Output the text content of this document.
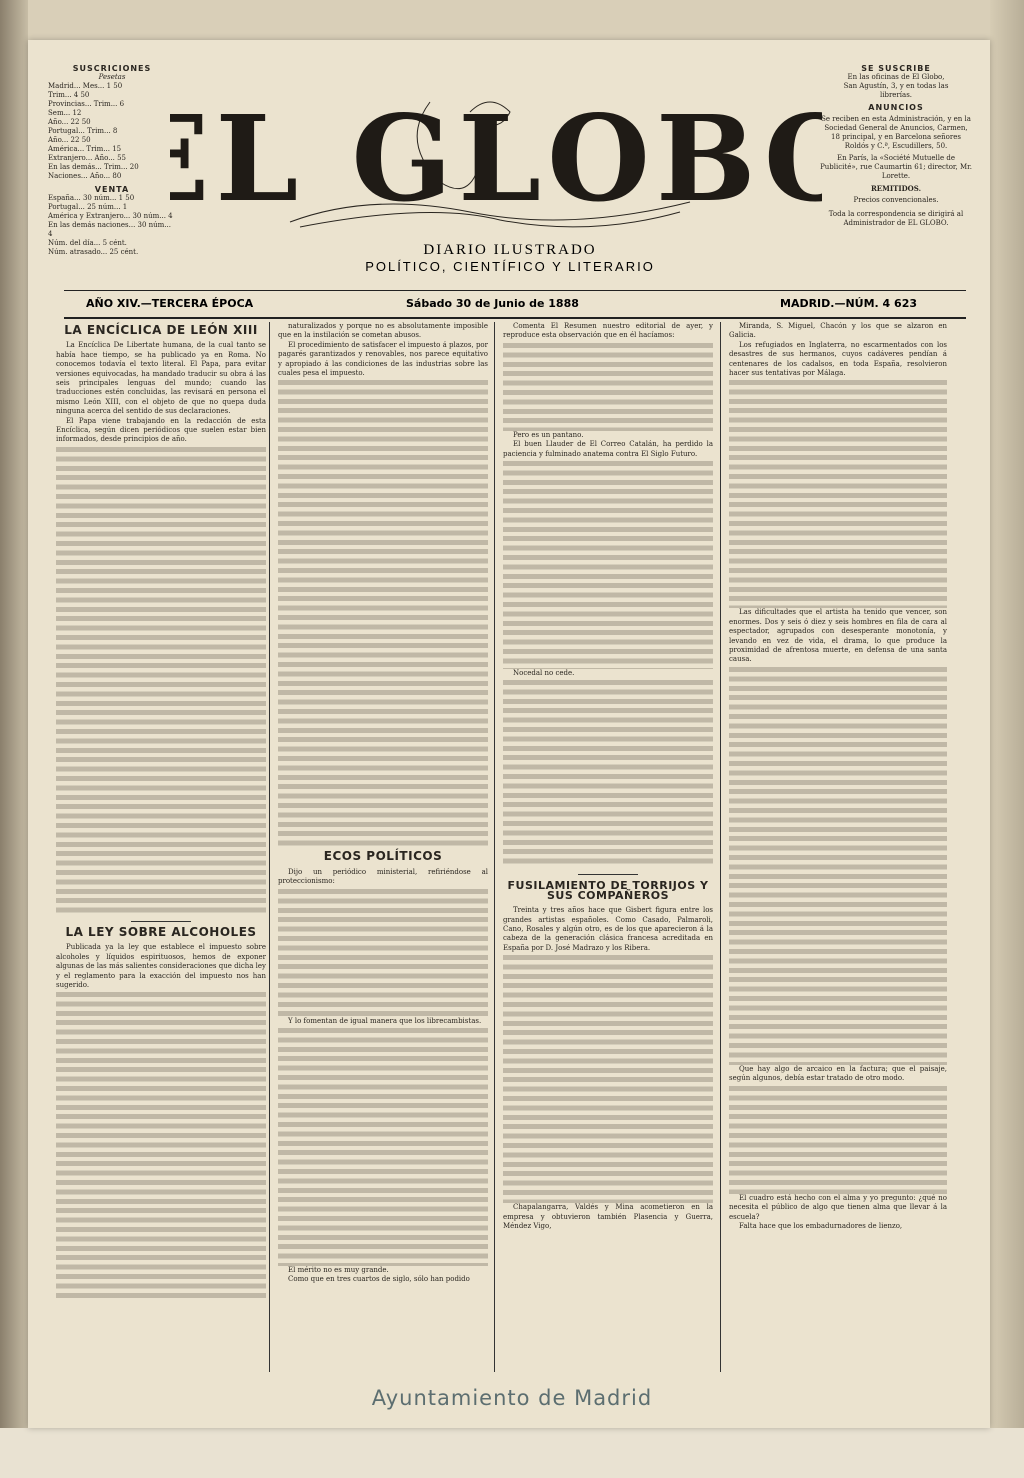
SUSCRICIONES
Pesetas
Madrid... Mes... 1 50
Trim... 4 50
Provincias... Trim... 6
Sem... 12
Año... 22 50
Portugal... Trim... 8
Año... 22 50
América... Trim... 15
Extranjero... Año... 55
En las demás... Trim... 20
Naciones... Año... 80
VENTA
España... 30 núm... 1 50
Portugal... 25 núm... 1
América y Extranjero... 30 núm... 4
En las demás naciones... 30 núm... 4
Núm. del día... 5 cént.
Núm. atrasado... 25 cént.
L GLOBO
DIARIO ILUSTRADO
POLÍTICO, CIENTÍFICO Y LITERARIO
SE SUSCRIBE
En las oficinas de El Globo,
San Agustín, 3, y en todas las
librerías.
ANUNCIOS
Se reciben en esta Administración, y en la Sociedad General de Anuncios, Carmen, 18 principal, y en Barcelona señores Roldós y C.ª, Escudillers, 50.
En París, la «Société Mutuelle de Publicité», rue Caumartin 61; director, Mr. Lorette.
REMITIDOS.
Precios convencionales.
Toda la correspondencia se dirigirá al Administrador de EL GLOBO.
AÑO XIV.—TERCERA ÉPOCA	Sábado 30 de Junio de 1888	MADRID.—NÚM. 4 623
LA ENCÍCLICA DE LEÓN XIII

La Encíclica De Libertate humana, de la cual tanto se había hace tiempo, se ha publicado ya en Roma. No conocemos todavía el texto literal. El Papa, para evitar versiones equivocadas, ha mandado traducir su obra á las seis principales lenguas del mundo; cuando las traducciones estén concluidas, las revisará en persona el mismo León XIII, con el objeto de que no quepa duda ninguna acerca del sentido de sus declaraciones.

El Papa viene trabajando en la redacción de esta Encíclica, según dicen periódicos que suelen estar bien informados, desde principios de año.

LA LEY SOBRE ALCOHOLES

Publicada ya la ley que establece el impuesto sobre alcoholes y líquidos espirituosos, hemos de exponer algunas de las más salientes consideraciones que dicha ley y el reglamento para la exacción del impuesto nos han sugerido.

naturalizados y porque no es absolutamente imposible que en la instilación se cometan abusos.

El procedimiento de satisfacer el impuesto á plazos, por pagarés garantizados y renovables, nos parece equitativo y apropiado á las condiciones de las industrias sobre las cuales pesa el impuesto.

ECOS POLÍTICOS

Dijo un periódico ministerial, refiriéndose al proteccionismo:

Y lo fomentan de igual manera que los librecambistas.

El mérito no es muy grande.

Como que en tres cuartos de siglo, sólo han podido

Comenta El Resumen nuestro editorial de ayer, y reproduce esta observación que en él hacíamos:

Pero es un pantano.

El buen Llauder de El Correo Catalán, ha perdido la paciencia y fulminado anatema contra El Siglo Futuro.

Nocedal no cede.

FUSILAMIENTO DE TORRIJOS Y SUS COMPAÑEROS

Treinta y tres años hace que Gisbert figura entre los grandes artistas españoles. Como Casado, Palmaroli, Cano, Rosales y algún otro, es de los que aparecieron á la cabeza de la generación clásica francesa acreditada en España por D. José Madrazo y los Ribera.

Chapalangarra, Valdés y Mina acometieron en la empresa y obtuvieron también Plasencia y Guerra, Méndez Vigo,

Miranda, S. Miguel, Chacón y los que se alzaron en Galicia.

Los refugiados en Inglaterra, no escarmentados con los desastres de sus hermanos, cuyos cadáveres pendían á centenares de los cadalsos, en toda España, resolvieron hacer sus tentativas por Málaga.

Las dificultades que el artista ha tenido que vencer, son enormes. Dos y seis ó diez y seis hombres en fila de cara al espectador, agrupados con desesperante monotonía, y levando en vez de vida, el drama, lo que produce la proximidad de afrentosa muerte, en defensa de una santa causa.

Que hay algo de arcaico en la factura; que el paisaje, según algunos, debía estar tratado de otro modo.

El cuadro está hecho con el alma y yo pregunto: ¿qué no necesita el público de algo que tienen alma que llevar á la escuela?

Falta hace que los embadurnadores de lienzo,

Ayuntamiento de Madrid
